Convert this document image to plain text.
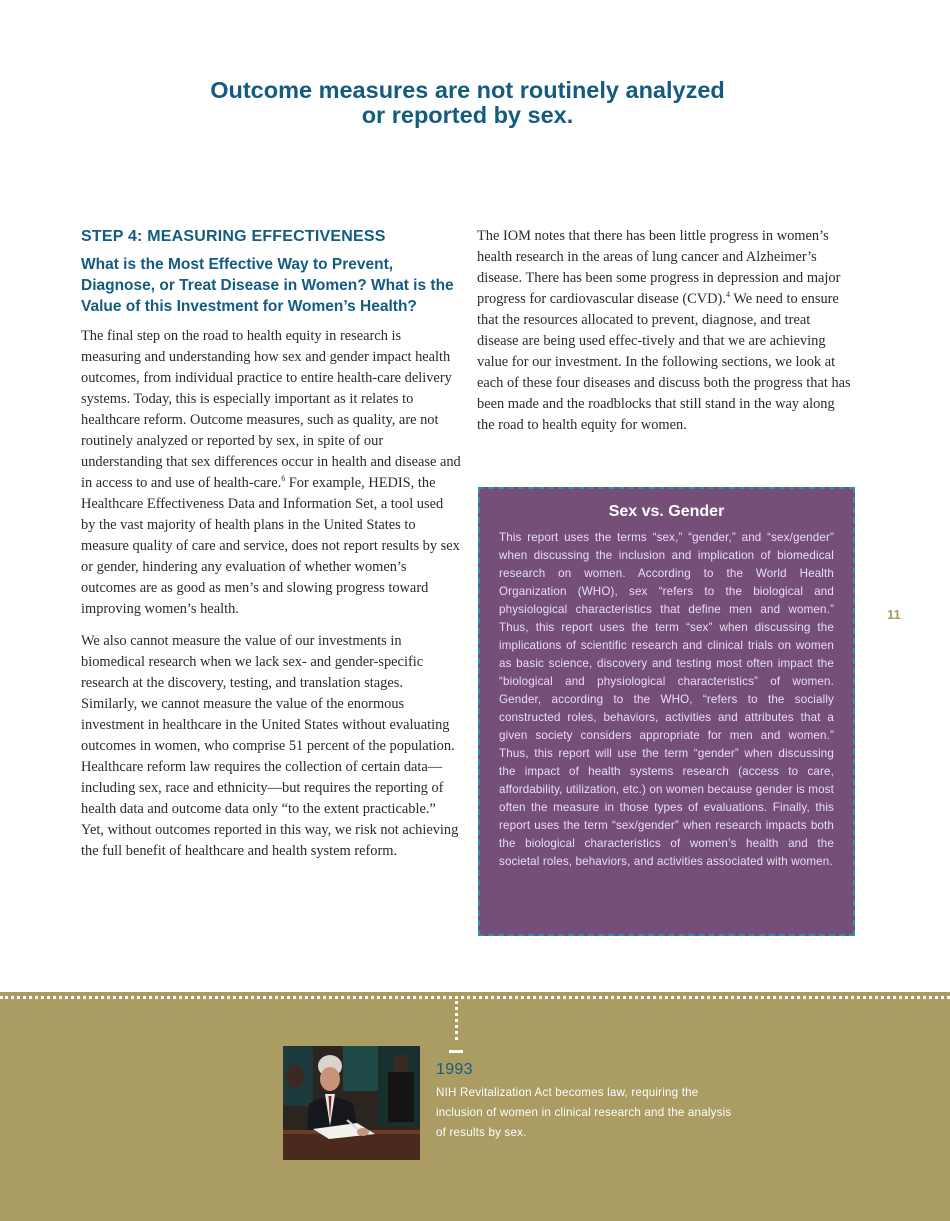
Outcome measures are not routinely analyzed
or reported by sex.
STEP 4: MEASURING EFFECTIVENESS
What is the Most Effective Way to Prevent, Diagnose, or Treat Disease in Women? What is the Value of this Investment for Women’s Health?

The final step on the road to health equity in research is measuring and understanding how sex and gender impact health outcomes, from individual practice to entire health-care delivery systems. Today, this is especially important as it relates to healthcare reform. Outcome measures, such as quality, are not routinely analyzed or reported by sex, in spite of our understanding that sex differences occur in health and disease and in access to and use of health-care.$^6$ For example, HEDIS, the Healthcare Effectiveness Data and Information Set, a tool used by the vast majority of health plans in the United States to measure quality of care and service, does not report results by sex or gender, hindering any evaluation of whether women’s outcomes are as good as men’s and slowing progress toward improving women’s health.

We also cannot measure the value of our investments in biomedical research when we lack sex- and gender-specific research at the discovery, testing, and translation stages. Similarly, we cannot measure the value of the enormous investment in healthcare in the United States without evaluating outcomes in women, who comprise 51 percent of the population. Healthcare reform law requires the collection of certain data—including sex, race and ethnicity—but requires the reporting of health data and outcome data only “to the extent practicable.” Yet, without outcomes reported in this way, we risk not achieving the full benefit of healthcare and health system reform.

The IOM notes that there has been little progress in women’s health research in the areas of lung cancer and Alzheimer’s disease. There has been some progress in depression and major progress for cardiovascular disease (CVD).$^4$ We need to ensure that the resources allocated to prevent, diagnose, and treat disease are being used effec-tively and that we are achieving value for our investment. In the following sections, we look at each of these four diseases and discuss both the progress that has been made and the roadblocks that still stand in the way along the road to health equity for women.

Sex vs. Gender

This report uses the terms “sex,” “gender,” and “sex/gender” when discussing the inclusion and implication of biomedical research on women. According to the World Health Organization (WHO), sex “refers to the biological and physiological characteristics that define men and women.” Thus, this report uses the term “sex” when discussing the implications of scientific research and clinical trials on women as basic science, discovery and testing most often impact the “biological and physiological characteristics” of women. Gender, according to the WHO, “refers to the socially constructed roles, behaviors, activities and attributes that a given society considers appropriate for men and women.” Thus, this report will use the term “gender” when discussing the impact of health systems research (access to care, affordability, utilization, etc.) on women because gender is most often the measure in those types of evaluations. Finally, this report uses the term “sex/gender” when research impacts both the biological characteristics of women’s health and the societal roles, behaviors, and activities associated with women.

11
1993
NIH Revitalization Act becomes law, requiring the inclusion of women in clinical research and the analysis of results by sex.
